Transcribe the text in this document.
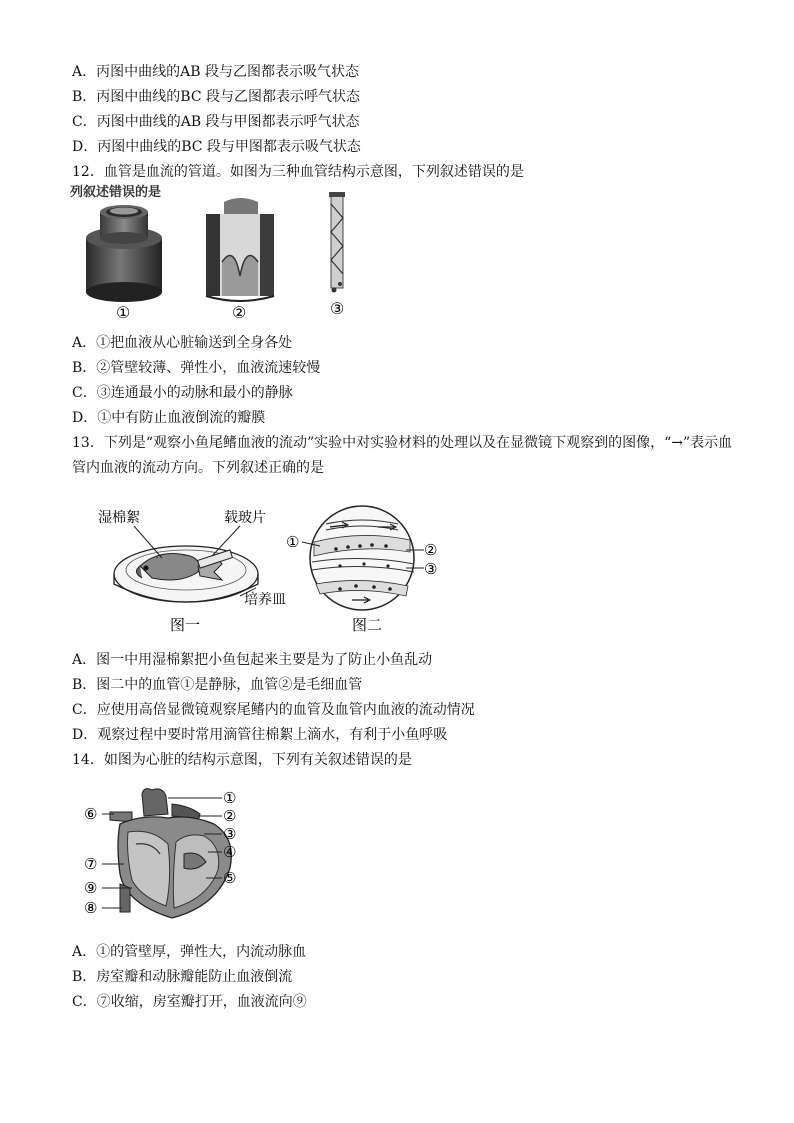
A．丙图中曲线的AB 段与乙图都表示吸气状态
B．丙图中曲线的BC 段与乙图都表示呼气状态
C．丙图中曲线的AB 段与甲图都表示呼气状态
D．丙图中曲线的BC 段与甲图都表示吸气状态
12．血管是血流的管道。如图为三种血管结构示意图，下列叙述错误的是
列叙述错误的是
①	②	③
A．①把血液从心脏输送到全身各处
B．②管壁较薄、弹性小，血液流速较慢
C．③连通最小的动脉和最小的静脉
D．①中有防止血液倒流的瓣膜
13．下列是“观察小鱼尾鳍血液的流动”实验中对实验材料的处理以及在显微镜下观察到的图像，“→”表示血
管内血液的流动方向。下列叙述正确的是
湿棉絮	载玻片
培养皿
图一
①	②
③
图二
A．图一中用湿棉絮把小鱼包起来主要是为了防止小鱼乱动
B．图二中的血管①是静脉，血管②是毛细血管
C．应使用高倍显微镜观察尾鳍内的血管及血管内血液的流动情况
D．观察过程中要时常用滴管往棉絮上滴水，有利于小鱼呼吸
14．如图为心脏的结构示意图，下列有关叙述错误的是
①
②
③
④
⑤
⑥
⑦
⑧
⑨
A．①的管壁厚，弹性大，内流动脉血
B．房室瓣和动脉瓣能防止血液倒流
C．⑦收缩，房室瓣打开，血液流向⑨
